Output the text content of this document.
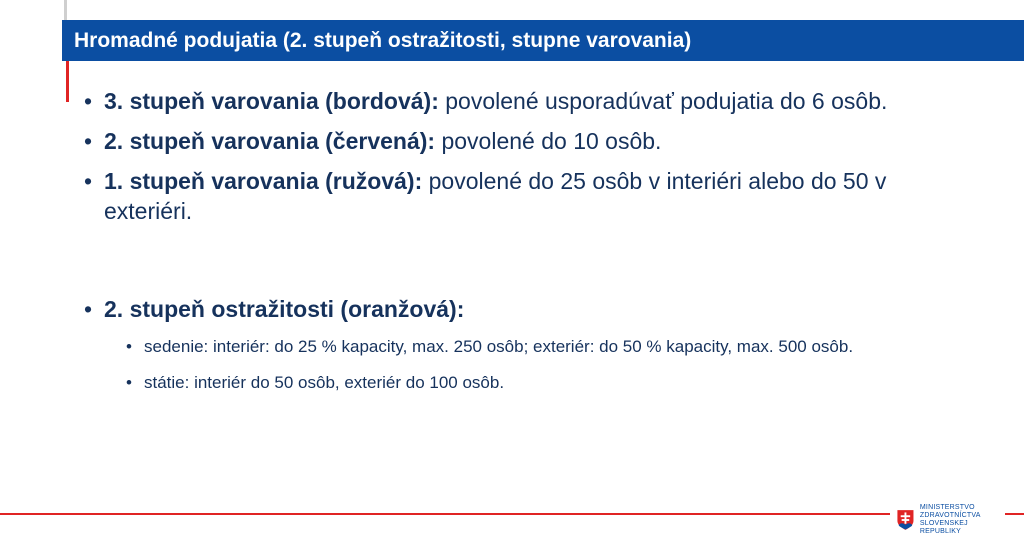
Hromadné podujatia (2. stupeň ostražitosti, stupne varovania)
• 3. stupeň varovania (bordová): povolené usporadúvať podujatia do 6 osôb.
• 2. stupeň varovania (červená): povolené do 10 osôb.
• 1. stupeň varovania (ružová): povolené do 25 osôb v interiéri alebo do 50 v exteriéri.
• 2. stupeň ostražitosti (oranžová):
• sedenie: interiér: do 25 % kapacity, max. 250 osôb; exteriér: do 50 % kapacity, max. 500 osôb.
• státie: interiér do 50 osôb, exteriér do 100 osôb.
MINISTERSTVO
ZDRAVOTNÍCTVA
SLOVENSKEJ REPUBLIKY
